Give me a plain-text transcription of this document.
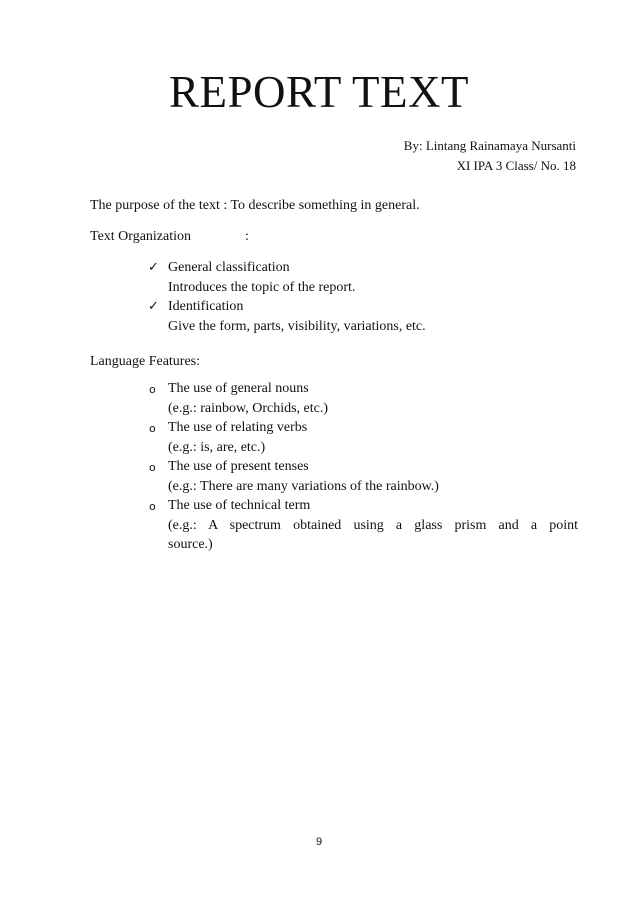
REPORT TEXT
By: Lintang Rainamaya Nursanti
XI IPA 3 Class/ No. 18
The purpose of the text : To describe something in general.
Text Organization	:
✓ General classification
Introduces the topic of the report.
✓ Identification
Give the form, parts, visibility, variations, etc.
Language Features:
o The use of general nouns
(e.g.: rainbow, Orchids, etc.)
o The use of relating verbs
(e.g.: is, are, etc.)
o The use of present tenses
(e.g.: There are many variations of the rainbow.)
o The use of technical term
(e.g.: A spectrum obtained using a glass prism and a point source.)
9
